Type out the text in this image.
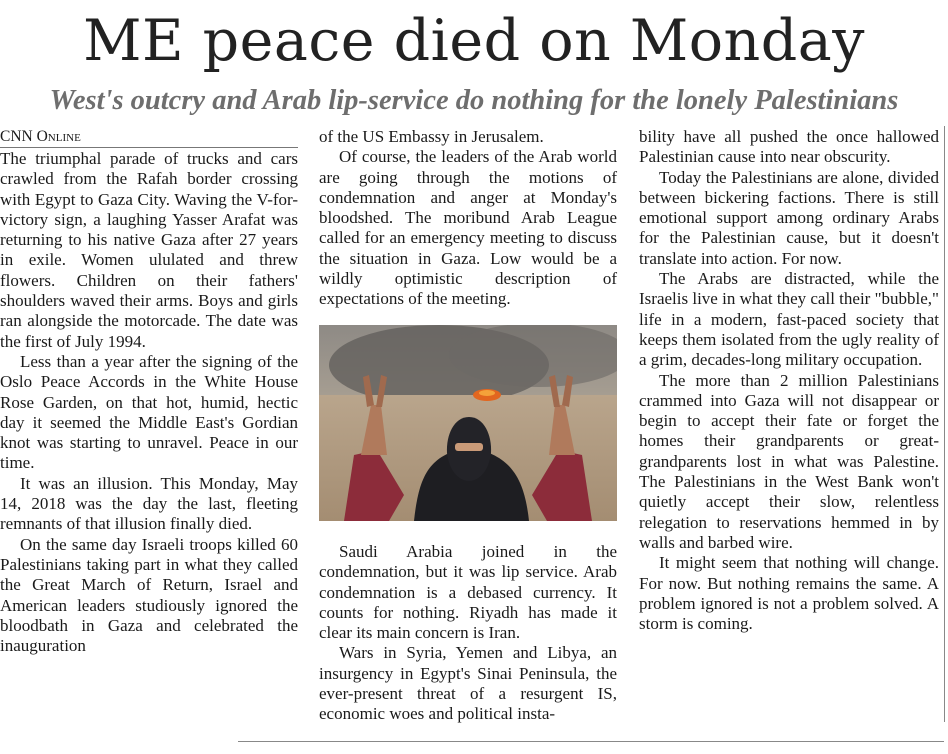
ME peace died on Monday
West's outcry and Arab lip-service do nothing for the lonely Palestinians
CNN Online

The triumphal parade of trucks and cars crawled from the Rafah border crossing with Egypt to Gaza City. Waving the V-for-victory sign, a laughing Yasser Arafat was returning to his native Gaza after 27 years in exile. Women ululated and threw flowers. Children on their fathers' shoulders waved their arms. Boys and girls ran alongside the motorcade. The date was the first of July 1994.

Less than a year after the signing of the Oslo Peace Accords in the White House Rose Garden, on that hot, humid, hectic day it seemed the Middle East's Gordian knot was starting to unravel. Peace in our time.

It was an illusion. This Monday, May 14, 2018 was the day the last, fleeting remnants of that illusion finally died.

On the same day Israeli troops killed 60 Palestinians taking part in what they called the Great March of Return, Israel and American leaders studiously ignored the bloodbath in Gaza and celebrated the inauguration

of the US Embassy in Jerusalem.

Of course, the leaders of the Arab world are going through the motions of condemnation and anger at Monday's bloodshed. The moribund Arab League called for an emergency meeting to discuss the situation in Gaza. Low would be a wildly optimistic description of expectations of the meeting.

Saudi Arabia joined in the condemnation, but it was lip service. Arab condemnation is a debased currency. It counts for nothing. Riyadh has made it clear its main concern is Iran.

Wars in Syria, Yemen and Libya, an insurgency in Egypt's Sinai Peninsula, the ever-present threat of a resurgent IS, economic woes and political insta-

bility have all pushed the once hallowed Palestinian cause into near obscurity.

Today the Palestinians are alone, divided between bickering factions. There is still emotional support among ordinary Arabs for the Palestinian cause, but it doesn't translate into action. For now.

The Arabs are distracted, while the Israelis live in what they call their "bubble," life in a modern, fast-paced society that keeps them isolated from the ugly reality of a grim, decades-long military occupation.

The more than 2 million Palestinians crammed into Gaza will not disappear or begin to accept their fate or forget the homes their grandparents or great-grandparents lost in what was Palestine. The Palestinians in the West Bank won't quietly accept their slow, relentless relegation to reservations hemmed in by walls and barbed wire.

It might seem that nothing will change. For now. But nothing remains the same. A problem ignored is not a problem solved. A storm is coming.
